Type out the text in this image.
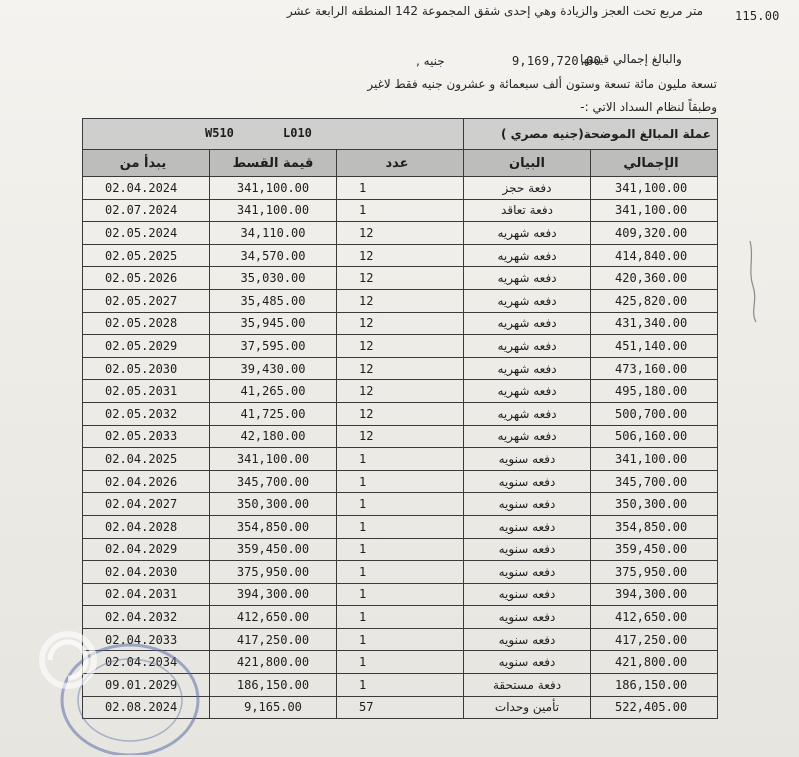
115.00
متر مربع تحت العجز والزيادة وهي إحدى شقق المجموعة 142 المنطقه الرابعة عشر
جنيه ,	9,169,720.00
والبالغ إجمالي قيمتها
تسعة مليون مائة تسعة وستون ألف سبعمائة و عشرون جنيه فقط لاغير
وطبقاً لنظام السداد الاتي :-
W510 L010			عملة المبالغ الموضحة(جنيه مصري )	
يبدأ من	قيمة القسط	عدد	البيان	الإجمالي
02.04.2024	341,100.00	1	دفعة حجز	341,100.00
02.07.2024	341,100.00	1	دفعة تعاقد	341,100.00
02.05.2024	34,110.00	12	دفعه شهريه	409,320.00
02.05.2025	34,570.00	12	دفعه شهريه	414,840.00
02.05.2026	35,030.00	12	دفعه شهريه	420,360.00
02.05.2027	35,485.00	12	دفعه شهريه	425,820.00
02.05.2028	35,945.00	12	دفعه شهريه	431,340.00
02.05.2029	37,595.00	12	دفعه شهريه	451,140.00
02.05.2030	39,430.00	12	دفعه شهريه	473,160.00
02.05.2031	41,265.00	12	دفعه شهريه	495,180.00
02.05.2032	41,725.00	12	دفعه شهريه	500,700.00
02.05.2033	42,180.00	12	دفعه شهريه	506,160.00
02.04.2025	341,100.00	1	دفعه سنويه	341,100.00
02.04.2026	345,700.00	1	دفعه سنويه	345,700.00
02.04.2027	350,300.00	1	دفعه سنويه	350,300.00
02.04.2028	354,850.00	1	دفعه سنويه	354,850.00
02.04.2029	359,450.00	1	دفعه سنويه	359,450.00
02.04.2030	375,950.00	1	دفعه سنويه	375,950.00
02.04.2031	394,300.00	1	دفعه سنويه	394,300.00
02.04.2032	412,650.00	1	دفعه سنويه	412,650.00
02.04.2033	417,250.00	1	دفعه سنويه	417,250.00
02.04.2034	421,800.00	1	دفعه سنويه	421,800.00
09.01.2029	186,150.00	1	دفعة مستحقة	186,150.00
02.08.2024	9,165.00	57	تأمين وحدات	522,405.00
